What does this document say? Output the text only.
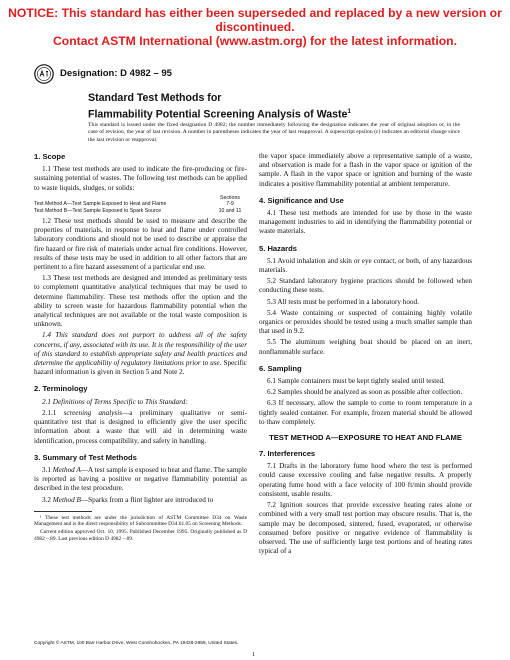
NOTICE: This standard has either been superseded and replaced by a new version or discontinued.
Contact ASTM International (www.astm.org) for the latest information.
Designation: D 4982 – 95
Standard Test Methods for
Flammability Potential Screening Analysis of Waste$^1$
This standard is issued under the fixed designation D 4982; the number immediately following the designation indicates the year of original adoption or, in the case of revision, the year of last revision. A number in parentheses indicates the year of last reapproval. A superscript epsilon (ε) indicates an editorial change since the last revision or reapproval.
1. Scope

1.1 These test methods are used to indicate the fire-producing or fire-sustaining potential of wastes. The following test methods can be applied to waste liquids, sludges, or solids:

Sections
Test Method A—Test Sample Exposed to Heat and Flame	7-9
Test Method B—Test Sample Exposed to Spark Source	10 and 11

1.2 These test methods should be used to measure and describe the properties of materials, in response to heat and flame under controlled laboratory conditions and should not be used to describe or appraise the fire hazard or fire risk of materials under actual fire conditions. However, results of these tests may be used in addition to all other factors that are pertinent to a fire hazard assessment of a particular end use.

1.3 These test methods are designed and intended as preliminary tests to complement quantitative analytical techniques that may be used to determine flammability. These test methods offer the option and the ability to screen waste for hazardous flammability potential when the analytical techniques are not available or the total waste composition is unknown.

1.4 This standard does not purport to address all of the safety concerns, if any, associated with its use. It is the responsibility of the user of this standard to establish appropriate safety and health practices and determine the applicability of regulatory limitations prior to use. Specific hazard information is given in Section 5 and Note 2.

2. Terminology

2.1 Definitions of Terms Specific to This Standard:

2.1.1 screening analysis—a preliminary qualitative or semi-quantitative test that is designed to efficiently give the user specific information about a waste that will aid in determining waste identification, process compatibility, and safety in handling.

3. Summary of Test Methods

3.1 Method A—A test sample is exposed to heat and flame. The sample is reported as having a positive or negative flammability potential as described in the test procedure.

3.2 Method B—Sparks from a flint lighter are introduced to

¹ These test methods are under the jurisdiction of ASTM Committee D34 on Waste Management and is the direct responsibility of Subcommittee D34.01.05 on Screening Methods.

Current edition approved Oct. 10, 1995. Published December 1995. Originally published as D 4982 – 89. Last previous edition D 4982 – 89.

the vapor space immediately above a representative sample of a waste, and observation is made for a flash in the vapor space or ignition of the sample. A flash in the vapor space or ignition and burning of the waste indicates a positive flammability potential at ambient temperature.

4. Significance and Use

4.1 These test methods are intended for use by those in the waste management industries to aid in identifying the flammability potential or waste materials.

5. Hazards

5.1 Avoid inhalation and skin or eye contact, or both, of any hazardous materials.

5.2 Standard laboratory hygiene practices should be followed when conducting these tests.

5.3 All tests must be performed in a laboratory hood.

5.4 Waste containing or suspected of containing highly volatile organics or peroxides should be tested using a much smaller sample than that used in 9.2.

5.5 The aluminum weighing boat should be placed on an inert, nonflammable surface.

6. Sampling

6.1 Sample containers must be kept tightly sealed until tested.

6.2 Samples should be analyzed as soon as possible after collection.

6.3 If necessary, allow the sample to come to room temperature in a tightly sealed container. For example, frozen material should be allowed to thaw completely.

TEST METHOD A—EXPOSURE TO HEAT AND FLAME
7. Interferences

7.1 Drafts in the laboratory fume hood where the test is performed could cause excessive cooling and false negative results. A properly operating fume hood with a face velocity of 100 ft/min should provide consistent, usable results.

7.2 Ignition sources that provide excessive heating rates alone or combined with a very small test portion may obscure results. That is, the sample may be decomposed, sintered, fused, evaporated, or otherwise consumed before positive or negative evidence of flammability is observed. The use of sufficiently large test portions and of heating rates typical of a

Copyright © ASTM, 100 Barr Harbor Drive, West Conshohocken, PA 19428-2959, United States.
1
